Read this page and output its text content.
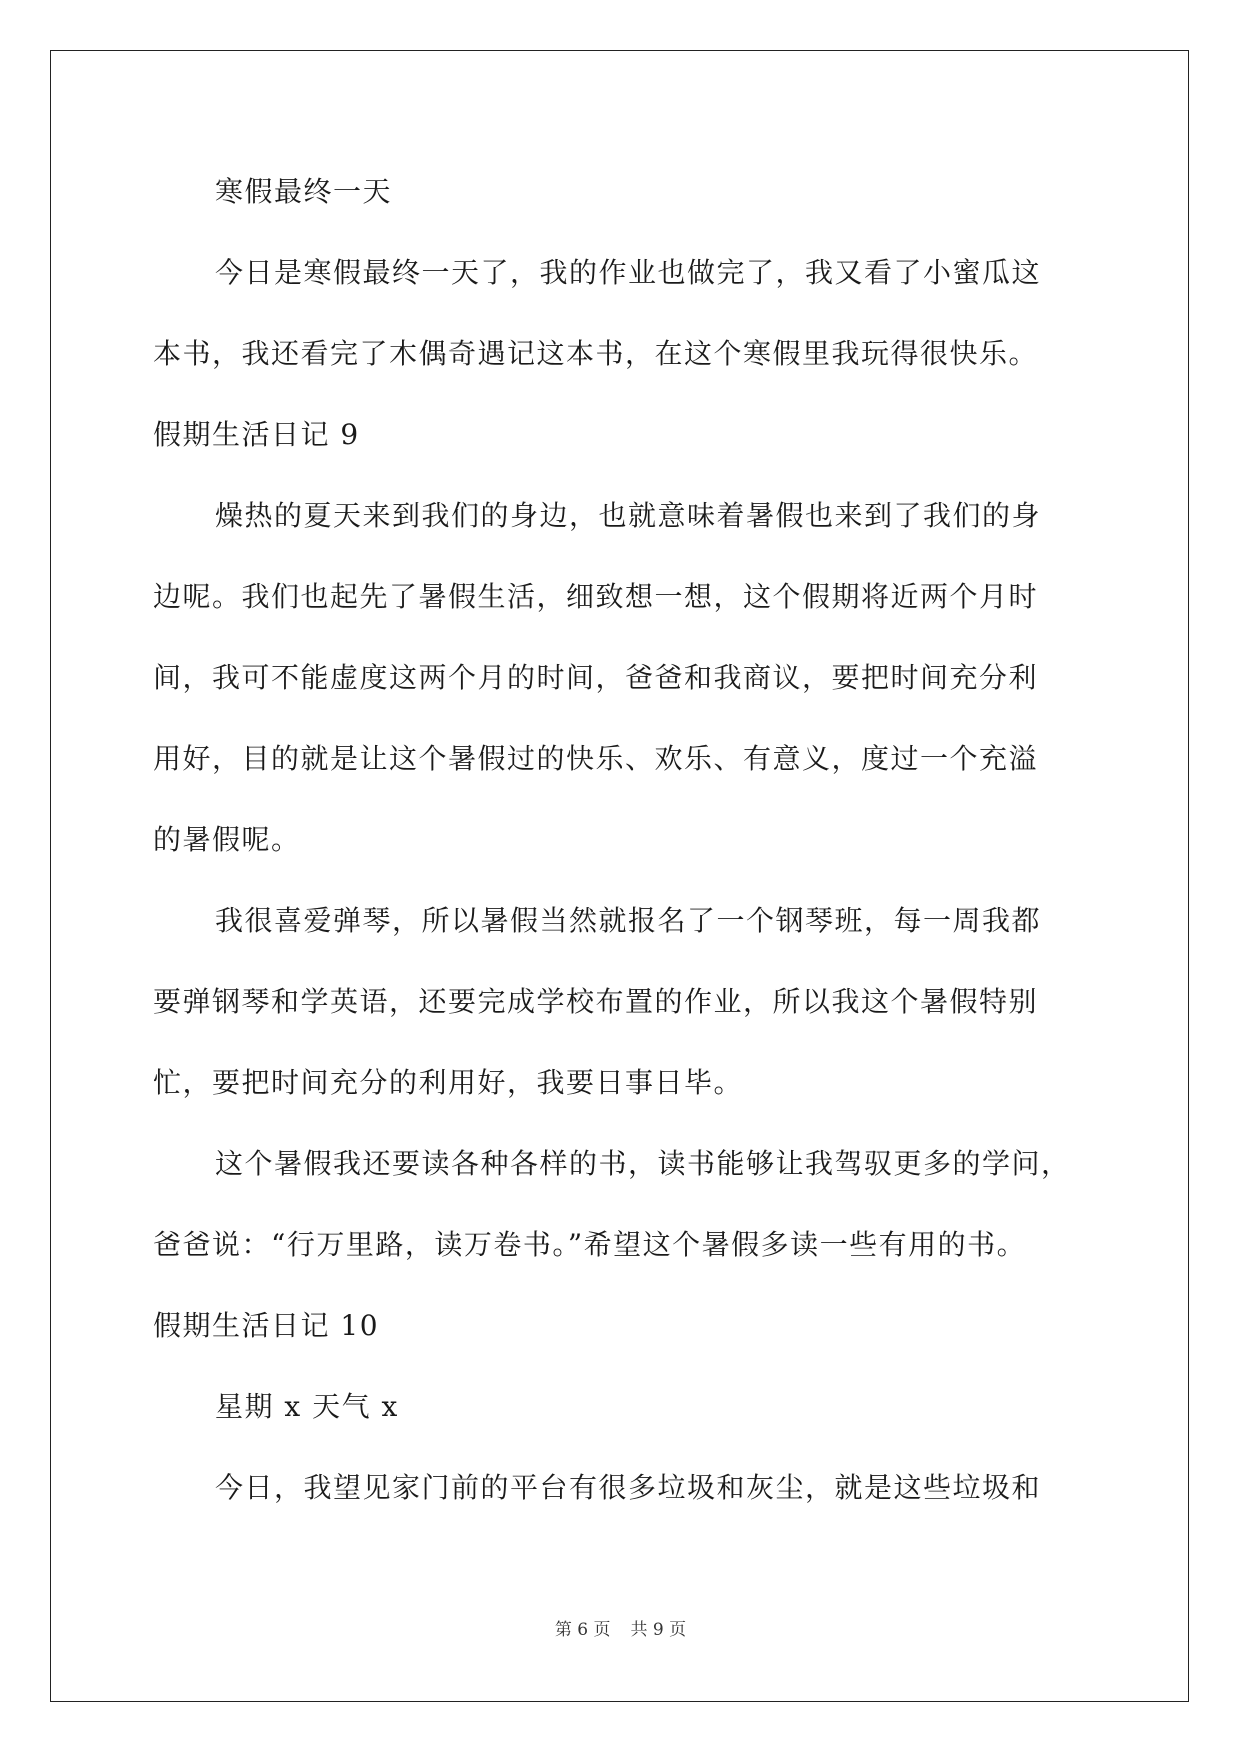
寒假最终一天
今日是寒假最终一天了，我的作业也做完了，我又看了小蜜瓜这
本书，我还看完了木偶奇遇记这本书，在这个寒假里我玩得很快乐。
假期生活日记 9
燥热的夏天来到我们的身边，也就意味着暑假也来到了我们的身
边呢。我们也起先了暑假生活，细致想一想，这个假期将近两个月时
间，我可不能虚度这两个月的时间，爸爸和我商议，要把时间充分利
用好，目的就是让这个暑假过的快乐、欢乐、有意义，度过一个充溢
的暑假呢。
我很喜爱弹琴，所以暑假当然就报名了一个钢琴班，每一周我都
要弹钢琴和学英语，还要完成学校布置的作业，所以我这个暑假特别
忙，要把时间充分的利用好，我要日事日毕。
这个暑假我还要读各种各样的书，读书能够让我驾驭更多的学问，
爸爸说：“行万里路，读万卷书。”希望这个暑假多读一些有用的书。
假期生活日记 10
星期 x 天气 x
今日，我望见家门前的平台有很多垃圾和灰尘，就是这些垃圾和
第 6 页 共 9 页
